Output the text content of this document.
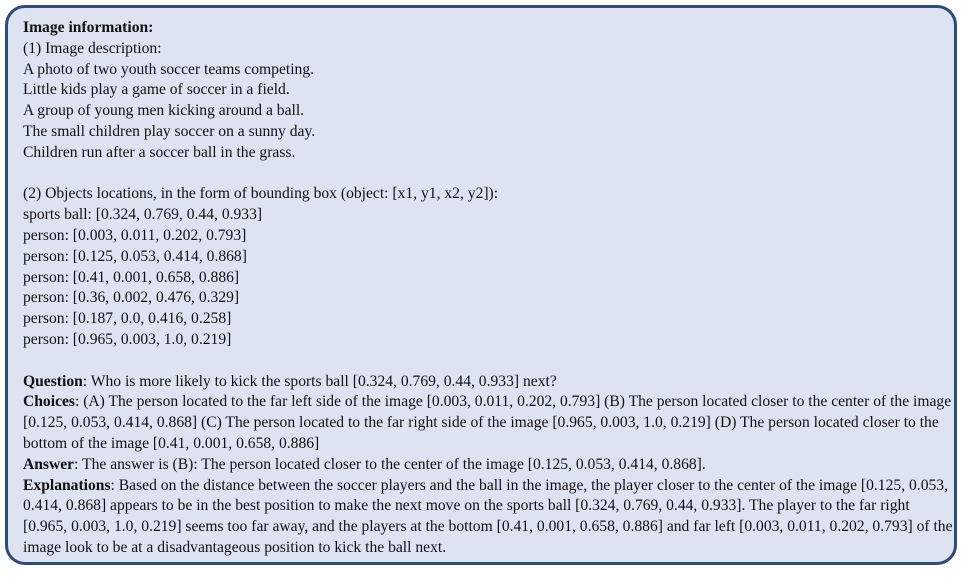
Image information:
(1) Image description:
A photo of two youth soccer teams competing.
Little kids play a game of soccer in a field.
A group of young men kicking around a ball.
The small children play soccer on a sunny day.
Children run after a soccer ball in the grass.
(2) Objects locations, in the form of bounding box (object: [x1, y1, x2, y2]):
sports ball: [0.324, 0.769, 0.44, 0.933]
person: [0.003, 0.011, 0.202, 0.793]
person: [0.125, 0.053, 0.414, 0.868]
person: [0.41, 0.001, 0.658, 0.886]
person: [0.36, 0.002, 0.476, 0.329]
person: [0.187, 0.0, 0.416, 0.258]
person: [0.965, 0.003, 1.0, 0.219]
Question: Who is more likely to kick the sports ball [0.324, 0.769, 0.44, 0.933] next?
Choices: (A) The person located to the far left side of the image [0.003, 0.011, 0.202, 0.793] (B) The person located closer to the center of the image [0.125, 0.053, 0.414, 0.868] (C) The person located to the far right side of the image [0.965, 0.003, 1.0, 0.219] (D) The person located closer to the bottom of the image [0.41, 0.001, 0.658, 0.886]
Answer: The answer is (B): The person located closer to the center of the image [0.125, 0.053, 0.414, 0.868].
Explanations: Based on the distance between the soccer players and the ball in the image, the player closer to the center of the image [0.125, 0.053, 0.414, 0.868] appears to be in the best position to make the next move on the sports ball [0.324, 0.769, 0.44, 0.933]. The player to the far right [0.965, 0.003, 1.0, 0.219] seems too far away, and the players at the bottom [0.41, 0.001, 0.658, 0.886] and far left [0.003, 0.011, 0.202, 0.793] of the image look to be at a disadvantageous position to kick the ball next.
